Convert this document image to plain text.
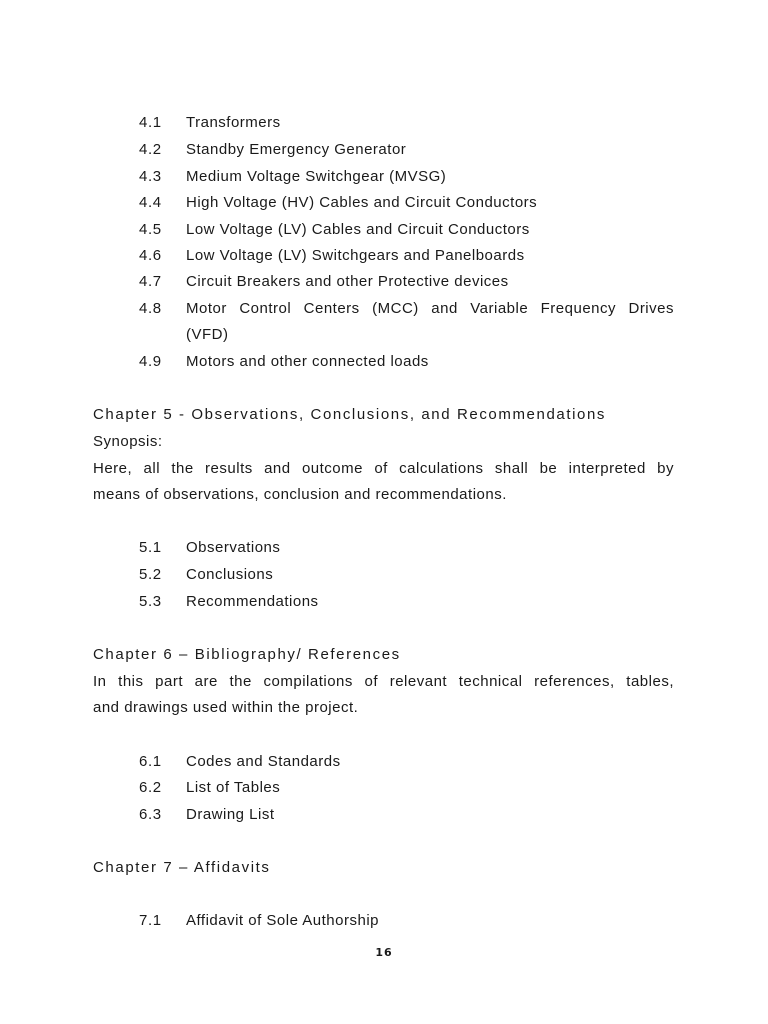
4.1 Transformers
4.2 Standby Emergency Generator
4.3 Medium Voltage Switchgear (MVSG)
4.4 High Voltage (HV) Cables and Circuit Conductors
4.5 Low Voltage (LV) Cables and Circuit Conductors
4.6 Low Voltage (LV) Switchgears and Panelboards
4.7 Circuit Breakers and other Protective devices
4.8 Motor Control Centers (MCC) and Variable Frequency Drives
(VFD)
4.9 Motors and other connected loads
Chapter 5 - Observations, Conclusions, and Recommendations
Synopsis:
Here, all the results and outcome of calculations shall be interpreted by
means of observations, conclusion and recommendations.
5.1 Observations
5.2 Conclusions
5.3 Recommendations
Chapter 6 – Bibliography/ References
In this part are the compilations of relevant technical references, tables,
and drawings used within the project.
6.1 Codes and Standards
6.2 List of Tables
6.3 Drawing List
Chapter 7 – Affidavits
7.1 Affidavit of Sole Authorship
16
